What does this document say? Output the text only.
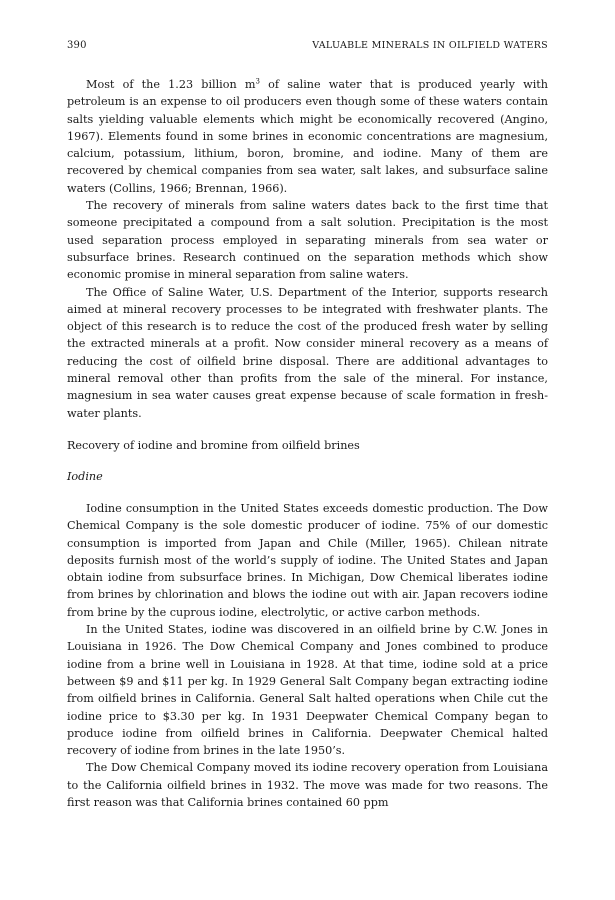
390	VALUABLE MINERALS IN OILFIELD WATERS

Most of the 1.23 billion $m^3$ of saline water that is produced yearly with petroleum is an expense to oil producers even though some of these waters contain salts yielding valuable elements which might be economically recovered (Angino, 1967). Elements found in some brines in economic concentrations are magnesium, calcium, potassium, lithium, boron, bromine, and iodine. Many of them are recovered by chemical companies from sea water, salt lakes, and subsurface saline waters (Collins, 1966; Brennan, 1966).

The recovery of minerals from saline waters dates back to the first time that someone precipitated a compound from a salt solution. Precipitation is the most used separation process employed in separating minerals from sea water or subsurface brines. Research continued on the separation methods which show economic promise in mineral separation from saline waters.

The Office of Saline Water, U.S. Department of the Interior, supports research aimed at mineral recovery processes to be integrated with freshwater plants. The object of this research is to reduce the cost of the produced fresh water by selling the extracted minerals at a profit. Now consider mineral recovery as a means of reducing the cost of oilfield brine disposal. There are additional advantages to mineral removal other than profits from the sale of the mineral. For instance, magnesium in sea water causes great expense because of scale formation in fresh-water plants.

Recovery of iodine and bromine from oilfield brines
Iodine

Iodine consumption in the United States exceeds domestic production. The Dow Chemical Company is the sole domestic producer of iodine. 75% of our domestic consumption is imported from Japan and Chile (Miller, 1965). Chilean nitrate deposits furnish most of the world’s supply of iodine. The United States and Japan obtain iodine from subsurface brines. In Michigan, Dow Chemical liberates iodine from brines by chlorination and blows the iodine out with air. Japan recovers iodine from brine by the cuprous iodine, electrolytic, or active carbon methods.

In the United States, iodine was discovered in an oilfield brine by C.W. Jones in Louisiana in 1926. The Dow Chemical Company and Jones combined to produce iodine from a brine well in Louisiana in 1928. At that time, iodine sold at a price between $9 and $11 per kg. In 1929 General Salt Company began extracting iodine from oilfield brines in California. General Salt halted operations when Chile cut the iodine price to $3.30 per kg. In 1931 Deepwater Chemical Company began to produce iodine from oilfield brines in California. Deepwater Chemical halted recovery of iodine from brines in the late 1950’s.

The Dow Chemical Company moved its iodine recovery operation from Louisiana to the California oilfield brines in 1932. The move was made for two reasons. The first reason was that California brines contained 60 ppm
